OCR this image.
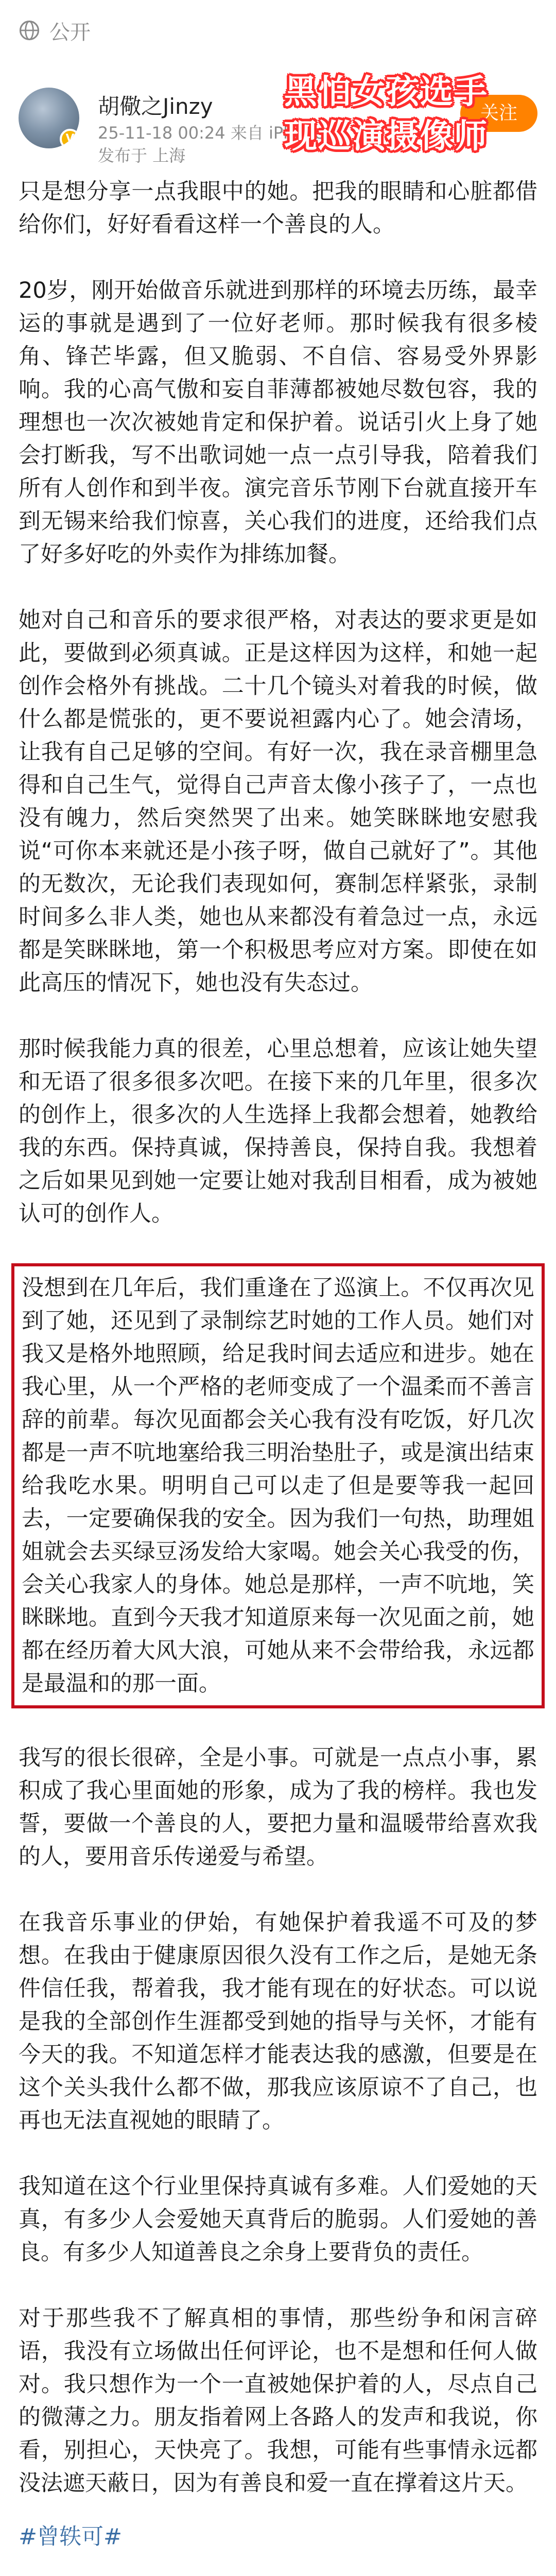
公开
V
胡儆之Jinzy
25-11-18 00:24 来自 iPhone
发布于 上海
关注
黑怕女孩选手
现巡演摄像师

只是想分享一点我眼中的她。把我的眼睛和心脏都借给你们，好好看看这样一个善良的人。

20岁，刚开始做音乐就进到那样的环境去历练，最幸运的事就是遇到了一位好老师。那时候我有很多棱角、锋芒毕露，但又脆弱、不自信、容易受外界影响。我的心高气傲和妄自菲薄都被她尽数包容，我的理想也一次次被她肯定和保护着。说话引火上身了她会打断我，写不出歌词她一点一点引导我，陪着我们所有人创作和到半夜。演完音乐节刚下台就直接开车到无锡来给我们惊喜，关心我们的进度，还给我们点了好多好吃的外卖作为排练加餐。

她对自己和音乐的要求很严格，对表达的要求更是如此，要做到必须真诚。正是这样因为这样，和她一起创作会格外有挑战。二十几个镜头对着我的时候，做什么都是慌张的，更不要说袒露内心了。她会清场，让我有自己足够的空间。有好一次，我在录音棚里急得和自己生气，觉得自己声音太像小孩子了，一点也没有魄力，然后突然哭了出来。她笑眯眯地安慰我说“可你本来就还是小孩子呀，做自己就好了”。其他的无数次，无论我们表现如何，赛制怎样紧张，录制时间多么非人类，她也从来都没有着急过一点，永远都是笑眯眯地，第一个积极思考应对方案。即使在如此高压的情况下，她也没有失态过。

那时候我能力真的很差，心里总想着，应该让她失望和无语了很多很多次吧。在接下来的几年里，很多次的创作上，很多次的人生选择上我都会想着，她教给我的东西。保持真诚，保持善良，保持自我。我想着之后如果见到她一定要让她对我刮目相看，成为被她认可的创作人。

没想到在几年后，我们重逢在了巡演上。不仅再次见到了她，还见到了录制综艺时她的工作人员。她们对我又是格外地照顾，给足我时间去适应和进步。她在我心里，从一个严格的老师变成了一个温柔而不善言辞的前辈。每次见面都会关心我有没有吃饭，好几次都是一声不吭地塞给我三明治垫肚子，或是演出结束给我吃水果。明明自己可以走了但是要等我一起回去，一定要确保我的安全。因为我们一句热，助理姐姐就会去买绿豆汤发给大家喝。她会关心我受的伤，会关心我家人的身体。她总是那样，一声不吭地，笑眯眯地。直到今天我才知道原来每一次见面之前，她都在经历着大风大浪，可她从来不会带给我，永远都是最温和的那一面。

我写的很长很碎，全是小事。可就是一点点小事，累积成了我心里面她的形象，成为了我的榜样。我也发誓，要做一个善良的人，要把力量和温暖带给喜欢我的人，要用音乐传递爱与希望。

在我音乐事业的伊始，有她保护着我遥不可及的梦想。在我由于健康原因很久没有工作之后，是她无条件信任我，帮着我，我才能有现在的好状态。可以说是我的全部创作生涯都受到她的指导与关怀，才能有今天的我。不知道怎样才能表达我的感激，但要是在这个关头我什么都不做，那我应该原谅不了自己，也再也无法直视她的眼睛了。

我知道在这个行业里保持真诚有多难。人们爱她的天真，有多少人会爱她天真背后的脆弱。人们爱她的善良。有多少人知道善良之余身上要背负的责任。

对于那些我不了解真相的事情，那些纷争和闲言碎语，我没有立场做出任何评论，也不是想和任何人做对。我只想作为一个一直被她保护着的人，尽点自己的微薄之力。朋友指着网上各路人的发声和我说，你看，别担心，天快亮了。我想，可能有些事情永远都没法遮天蔽日，因为有善良和爱一直在撑着这片天。

#曾轶可#
